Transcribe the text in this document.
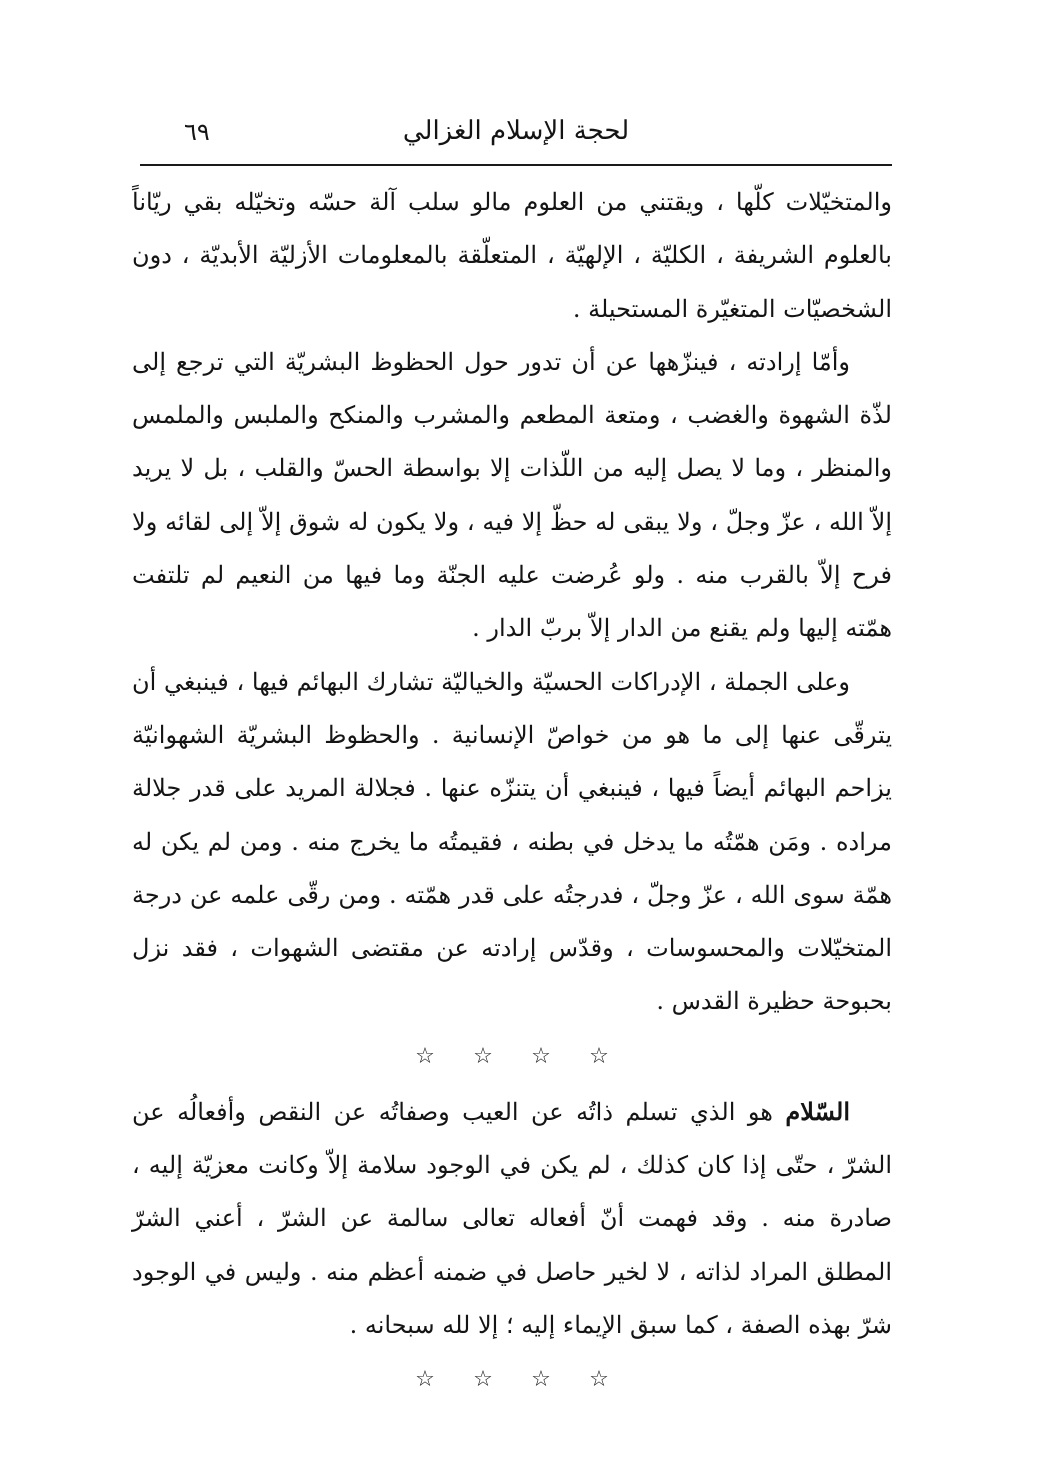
لحجة الإسلام الغزالي
٦٩

والمتخيّلات كلّها ، ويقتني من العلوم مالو سلب آلة حسّه وتخيّله بقي ريّاناً بالعلوم الشريفة ، الكليّة ، الإلهيّة ، المتعلّقة بالمعلومات الأزليّة الأبديّة ، دون الشخصيّات المتغيّرة المستحيلة .

وأمّا إرادته ، فينزّهها عن أن تدور حول الحظوظ البشريّة التي ترجع إلى لذّة الشهوة والغضب ، ومتعة المطعم والمشرب والمنكح والملبس والملمس والمنظر ، وما لا يصل إليه من اللّذات إلا بواسطة الحسّ والقلب ، بل لا يريد إلاّ الله ، عزّ وجلّ ، ولا يبقى له حظّ إلا فيه ، ولا يكون له شوق إلاّ إلى لقائه ولا فرح إلاّ بالقرب منه . ولو عُرضت عليه الجنّة وما فيها من النعيم لم تلتفت همّته إليها ولم يقنع من الدار إلاّ بربّ الدار .

وعلى الجملة ، الإدراكات الحسيّة والخياليّة تشارك البهائم فيها ، فينبغي أن يترقّى عنها إلى ما هو من خواصّ الإنسانية . والحظوظ البشريّة الشهوانيّة يزاحم البهائم أيضاً فيها ، فينبغي أن يتنزّه عنها . فجلالة المريد على قدر جلالة مراده . ومَن همّتُه ما يدخل في بطنه ، فقيمتُه ما يخرج منه . ومن لم يكن له همّة سوى الله ، عزّ وجلّ ، فدرجتُه على قدر همّته . ومن رقّى علمه عن درجة المتخيّلات والمحسوسات ، وقدّس إرادته عن مقتضى الشهوات ، فقد نزل بحبوحة حظيرة القدس .

☆ ☆ ☆ ☆

السّلام هو الذي تسلم ذاتُه عن العيب وصفاتُه عن النقص وأفعالُه عن الشرّ ، حتّى إذا كان كذلك ، لم يكن في الوجود سلامة إلاّ وكانت معزيّة إليه ، صادرة منه . وقد فهمت أنّ أفعاله تعالى سالمة عن الشرّ ، أعني الشرّ المطلق المراد لذاته ، لا لخير حاصل في ضمنه أعظم منه . وليس في الوجود شرّ بهذه الصفة ، كما سبق الإيماء إليه ؛ إلا لله سبحانه .

☆ ☆ ☆ ☆
